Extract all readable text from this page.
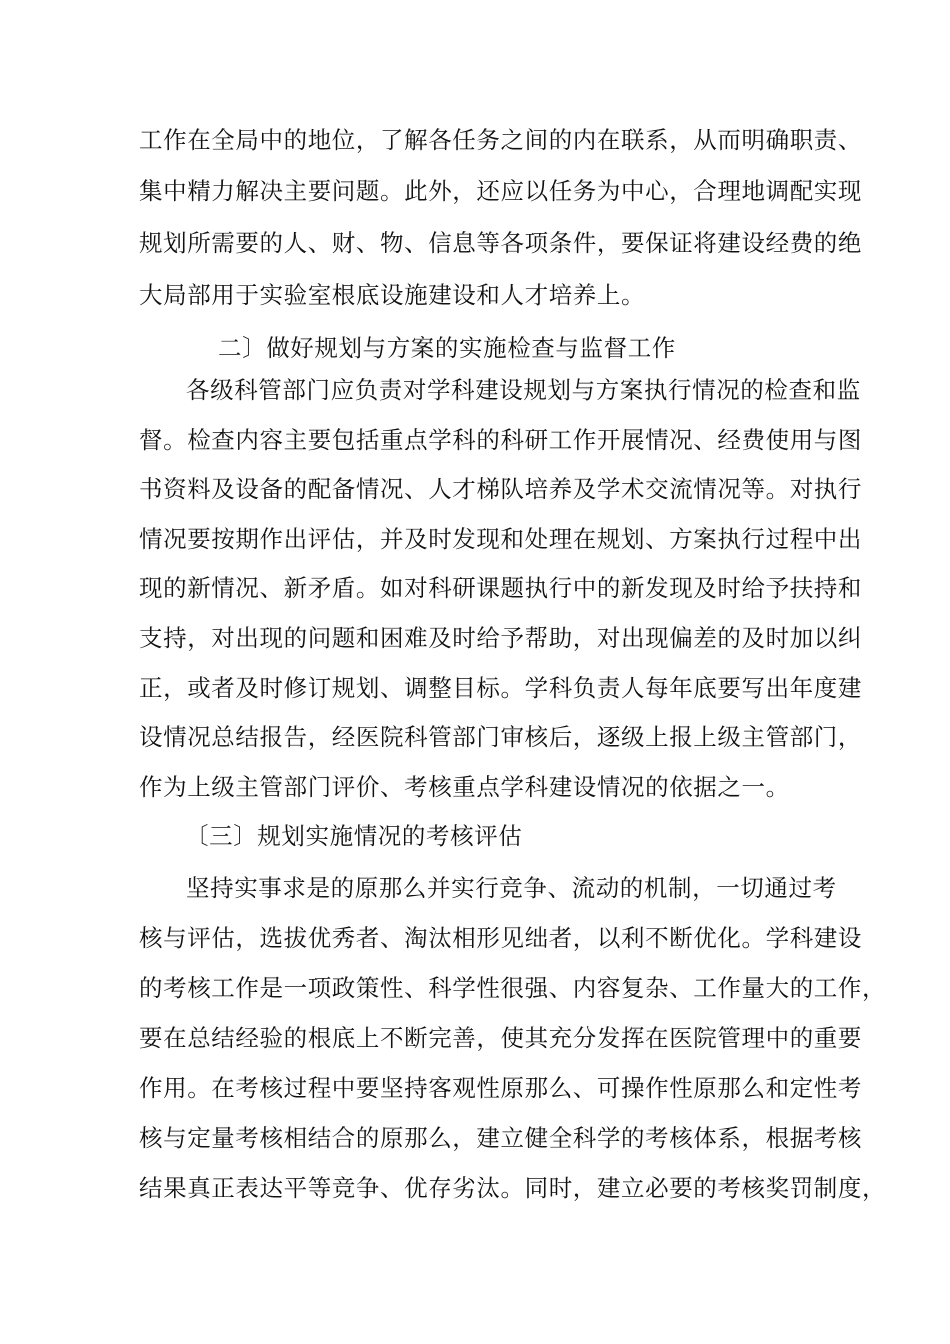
工作在全局中的地位，了解各任务之间的内在联系，从而明确职责、
集中精力解决主要问题。此外，还应以任务为中心，合理地调配实现
规划所需要的人、财、物、信息等各项条件，要保证将建设经费的绝
大局部用于实验室根底设施建设和人才培养上。
二〕做好规划与方案的实施检查与监督工作
各级科管部门应负责对学科建设规划与方案执行情况的检查和监
督。检查内容主要包括重点学科的科研工作开展情况、经费使用与图
书资料及设备的配备情况、人才梯队培养及学术交流情况等。对执行
情况要按期作出评估，并及时发现和处理在规划、方案执行过程中出
现的新情况、新矛盾。如对科研课题执行中的新发现及时给予扶持和
支持，对出现的问题和困难及时给予帮助，对出现偏差的及时加以纠
正，或者及时修订规划、调整目标。学科负责人每年底要写出年度建
设情况总结报告，经医院科管部门审核后，逐级上报上级主管部门，
作为上级主管部门评价、考核重点学科建设情况的依据之一。
〔三〕规划实施情况的考核评估
坚持实事求是的原那么并实行竞争、流动的机制，一切通过考
核与评估，选拔优秀者、淘汰相形见绌者，以利不断优化。学科建设
的考核工作是一项政策性、科学性很强、内容复杂、工作量大的工作，
要在总结经验的根底上不断完善，使其充分发挥在医院管理中的重要
作用。在考核过程中要坚持客观性原那么、可操作性原那么和定性考
核与定量考核相结合的原那么，建立健全科学的考核体系，根据考核
结果真正表达平等竞争、优存劣汰。同时，建立必要的考核奖罚制度，
